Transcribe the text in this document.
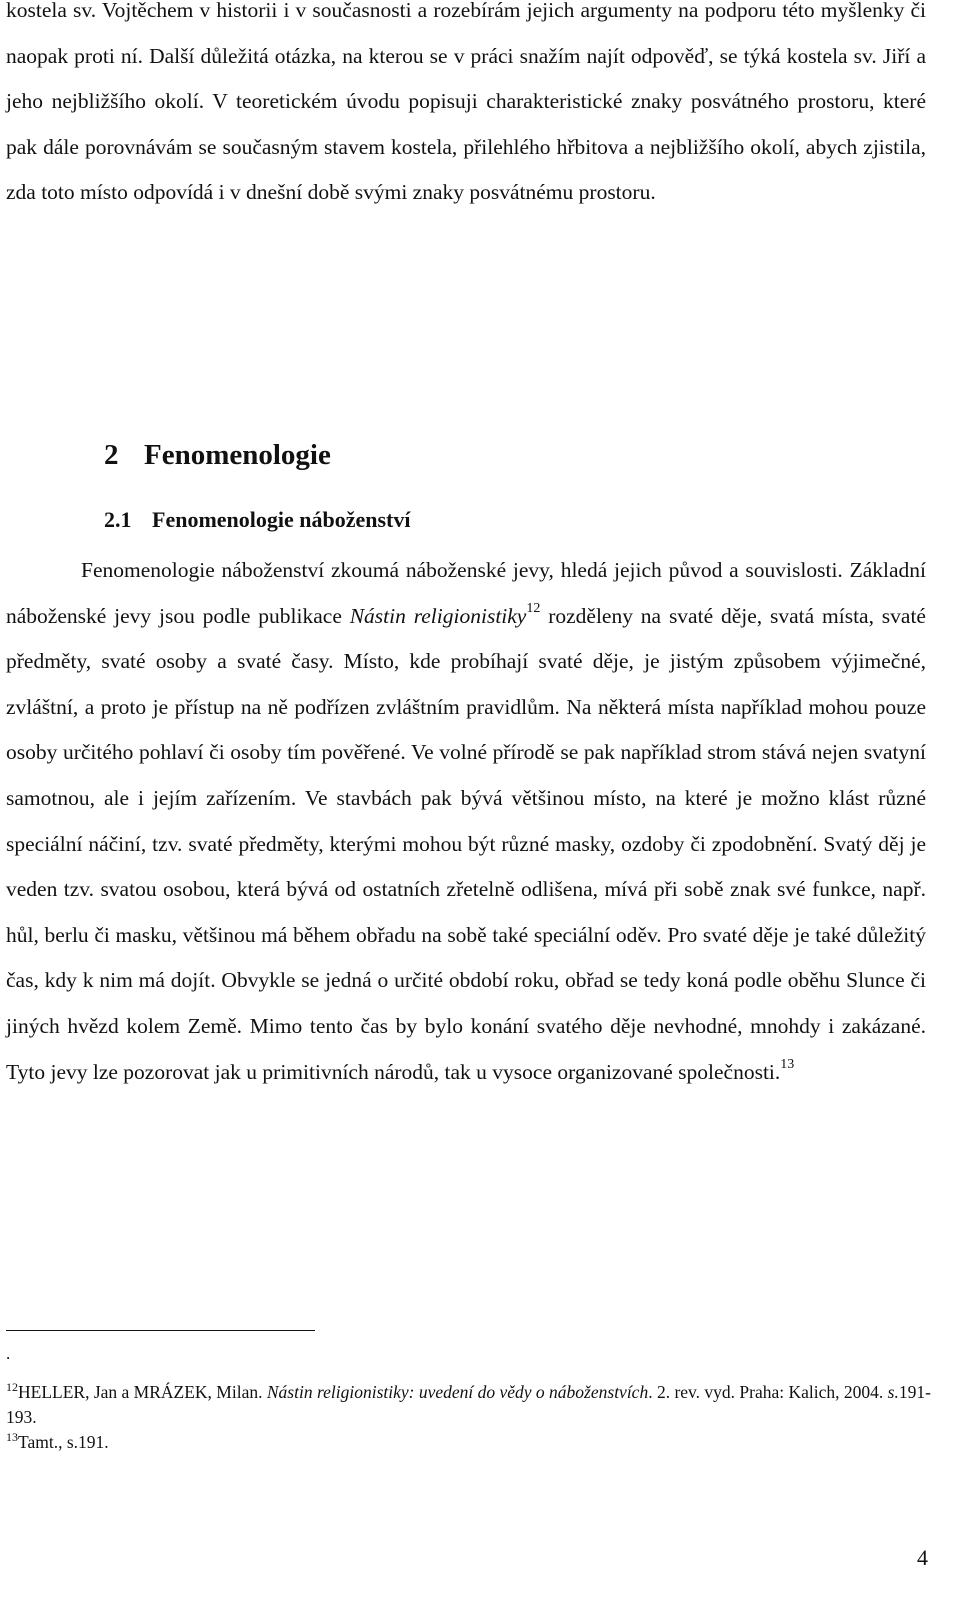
kostela sv. Vojtěchem v historii i v současnosti a rozebírám jejich argumenty na podporu této myšlenky či naopak proti ní. Další důležitá otázka, na kterou se v práci snažím najít odpověď, se týká kostela sv. Jiří a jeho nejbližšího okolí. V teoretickém úvodu popisuji charakteristické znaky posvátného prostoru, které pak dále porovnávám se současným stavem kostela, přilehlého hřbitova a nejbližšího okolí, abych zjistila, zda toto místo odpovídá i v dnešní době svými znaky posvátnému prostoru.

2 Fenomenologie
2.1 Fenomenologie náboženství

Fenomenologie náboženství zkoumá náboženské jevy, hledá jejich původ a souvislosti. Základní náboženské jevy jsou podle publikace Nástin religionistiky$^{12}$ rozděleny na svaté děje, svatá místa, svaté předměty, svaté osoby a svaté časy. Místo, kde probíhají svaté děje, je jistým způsobem výjimečné, zvláštní, a proto je přístup na ně podřízen zvláštním pravidlům. Na některá místa například mohou pouze osoby určitého pohlaví či osoby tím pověřené. Ve volné přírodě se pak například strom stává nejen svatyní samotnou, ale i jejím zařízením. Ve stavbách pak bývá většinou místo, na které je možno klást různé speciální náčiní, tzv. svaté předměty, kterými mohou být různé masky, ozdoby či zpodobnění. Svatý děj je veden tzv. svatou osobou, která bývá od ostatních zřetelně odlišena, mívá při sobě znak své funkce, např. hůl, berlu či masku, většinou má během obřadu na sobě také speciální oděv. Pro svaté děje je také důležitý čas, kdy k nim má dojít. Obvykle se jedná o určité období roku, obřad se tedy koná podle oběhu Slunce či jiných hvězd kolem Země. Mimo tento čas by bylo konání svatého děje nevhodné, mnohdy i zakázané. Tyto jevy lze pozorovat jak u primitivních národů, tak u vysoce organizované společnosti.$^{13}$

.

$^{12}$HELLER, Jan a MRÁZEK, Milan. Nástin religionistiky: uvedení do vědy o náboženstvích. 2. rev. vyd. Praha: Kalich, 2004. s.191-193.

$^{13}$Tamt., s.191.

4
